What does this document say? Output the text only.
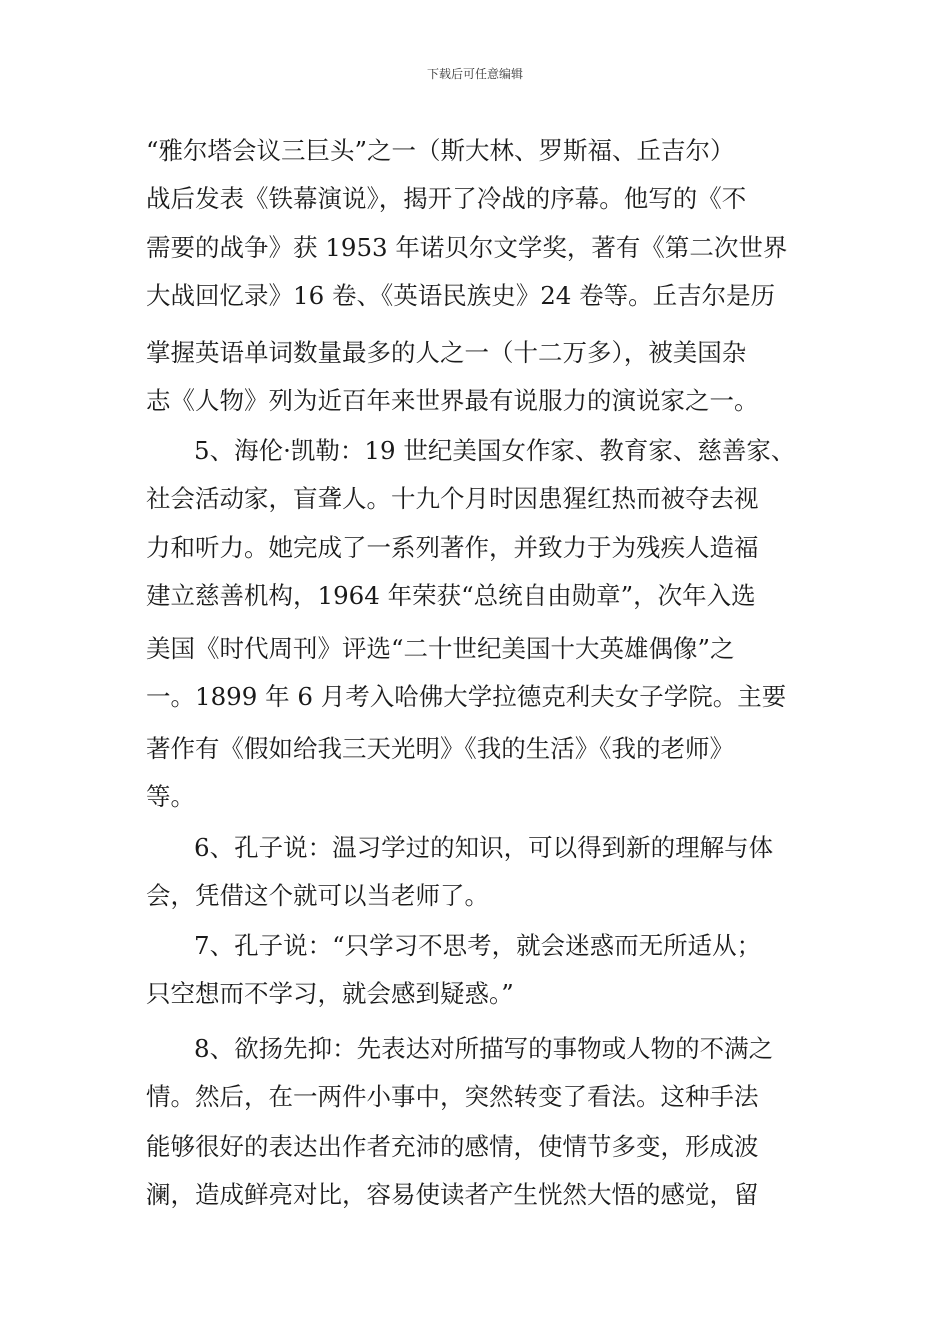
下载后可任意编辑
“雅尔塔会议三巨头”之一（斯大林、罗斯福、丘吉尔）
战后发表《铁幕演说》，揭开了冷战的序幕。他写的《不
需要的战争》获 1953 年诺贝尔文学奖，著有《第二次世界
大战回忆录》16 卷、《英语民族史》24 卷等。丘吉尔是历
掌握英语单词数量最多的人之一（十二万多），被美国杂
志《人物》列为近百年来世界最有说服力的演说家之一。
5、海伦·凯勒：19 世纪美国女作家、教育家、慈善家、
社会活动家，盲聋人。十九个月时因患猩红热而被夺去视
力和听力。她完成了一系列著作，并致力于为残疾人造福
建立慈善机构，1964 年荣获“总统自由勋章”，次年入选
美国《时代周刊》评选“二十世纪美国十大英雄偶像”之
一。1899 年 6 月考入哈佛大学拉德克利夫女子学院。主要
著作有《假如给我三天光明》《我的生活》《我的老师》
等。
6、孔子说：温习学过的知识，可以得到新的理解与体
会，凭借这个就可以当老师了。
7、孔子说：“只学习不思考，就会迷惑而无所适从；
只空想而不学习，就会感到疑惑。”
8、欲扬先抑：先表达对所描写的事物或人物的不满之
情。然后，在一两件小事中，突然转变了看法。这种手法
能够很好的表达出作者充沛的感情，使情节多变，形成波
澜，造成鲜亮对比，容易使读者产生恍然大悟的感觉，留
